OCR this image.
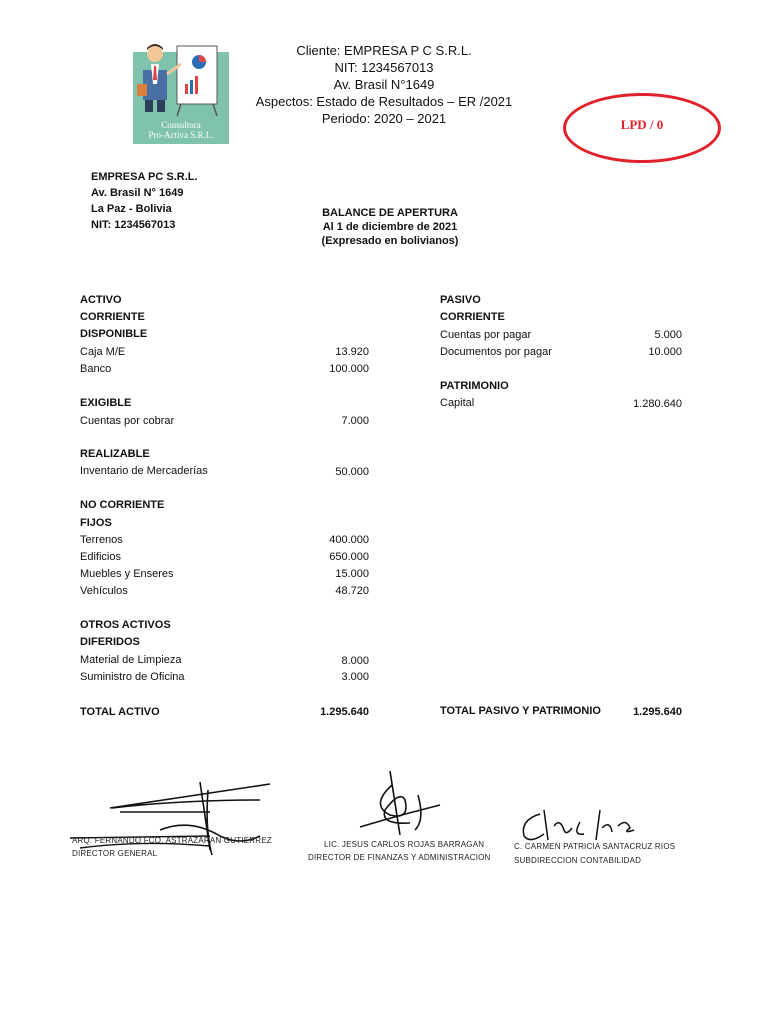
Consultora
Pro-Activa S.R.L.
Cliente: EMPRESA P C S.R.L.
NIT: 1234567013
Av. Brasil N°1649
Aspectos: Estado de Resultados – ER /2021
Periodo: 2020 – 2021	LPD / 0
EMPRESA PC S.R.L.
Av. Brasil N° 1649
La Paz - Bolivia
NIT: 1234567013
BALANCE DE APERTURA
Al 1 de diciembre de 2021
(Expresado en bolivianos)
ACTIVO
CORRIENTE
DISPONIBLE
Caja M/E	13.920
Banco	100.000
EXIGIBLE
Cuentas por cobrar	7.000
REALIZABLE
Inventario de Mercaderías	50.000
NO CORRIENTE
FIJOS
Terrenos	400.000
Edificios	650.000
Muebles y Enseres	15.000
Vehículos	48.720
OTROS ACTIVOS
DIFERIDOS
Material de Limpieza	8.000
Suministro de Oficina	3.000
TOTAL ACTIVO	1.295.640
PASIVO
CORRIENTE
Cuentas por pagar	5.000
Documentos por pagar	10.000
PATRIMONIO
Capital	1.280.640
TOTAL PASIVO Y PATRIMONIO	1.295.640
ARQ. FERNANDO FCO. ASTRAZARAN GUTIERREZ
DIRECTOR GENERAL
LIC. JESUS CARLOS ROJAS BARRAGAN
DIRECTOR DE FINANZAS Y ADMINISTRACION
C. CARMEN PATRICIA SANTACRUZ RIOS
SUBDIRECCION CONTABILIDAD
